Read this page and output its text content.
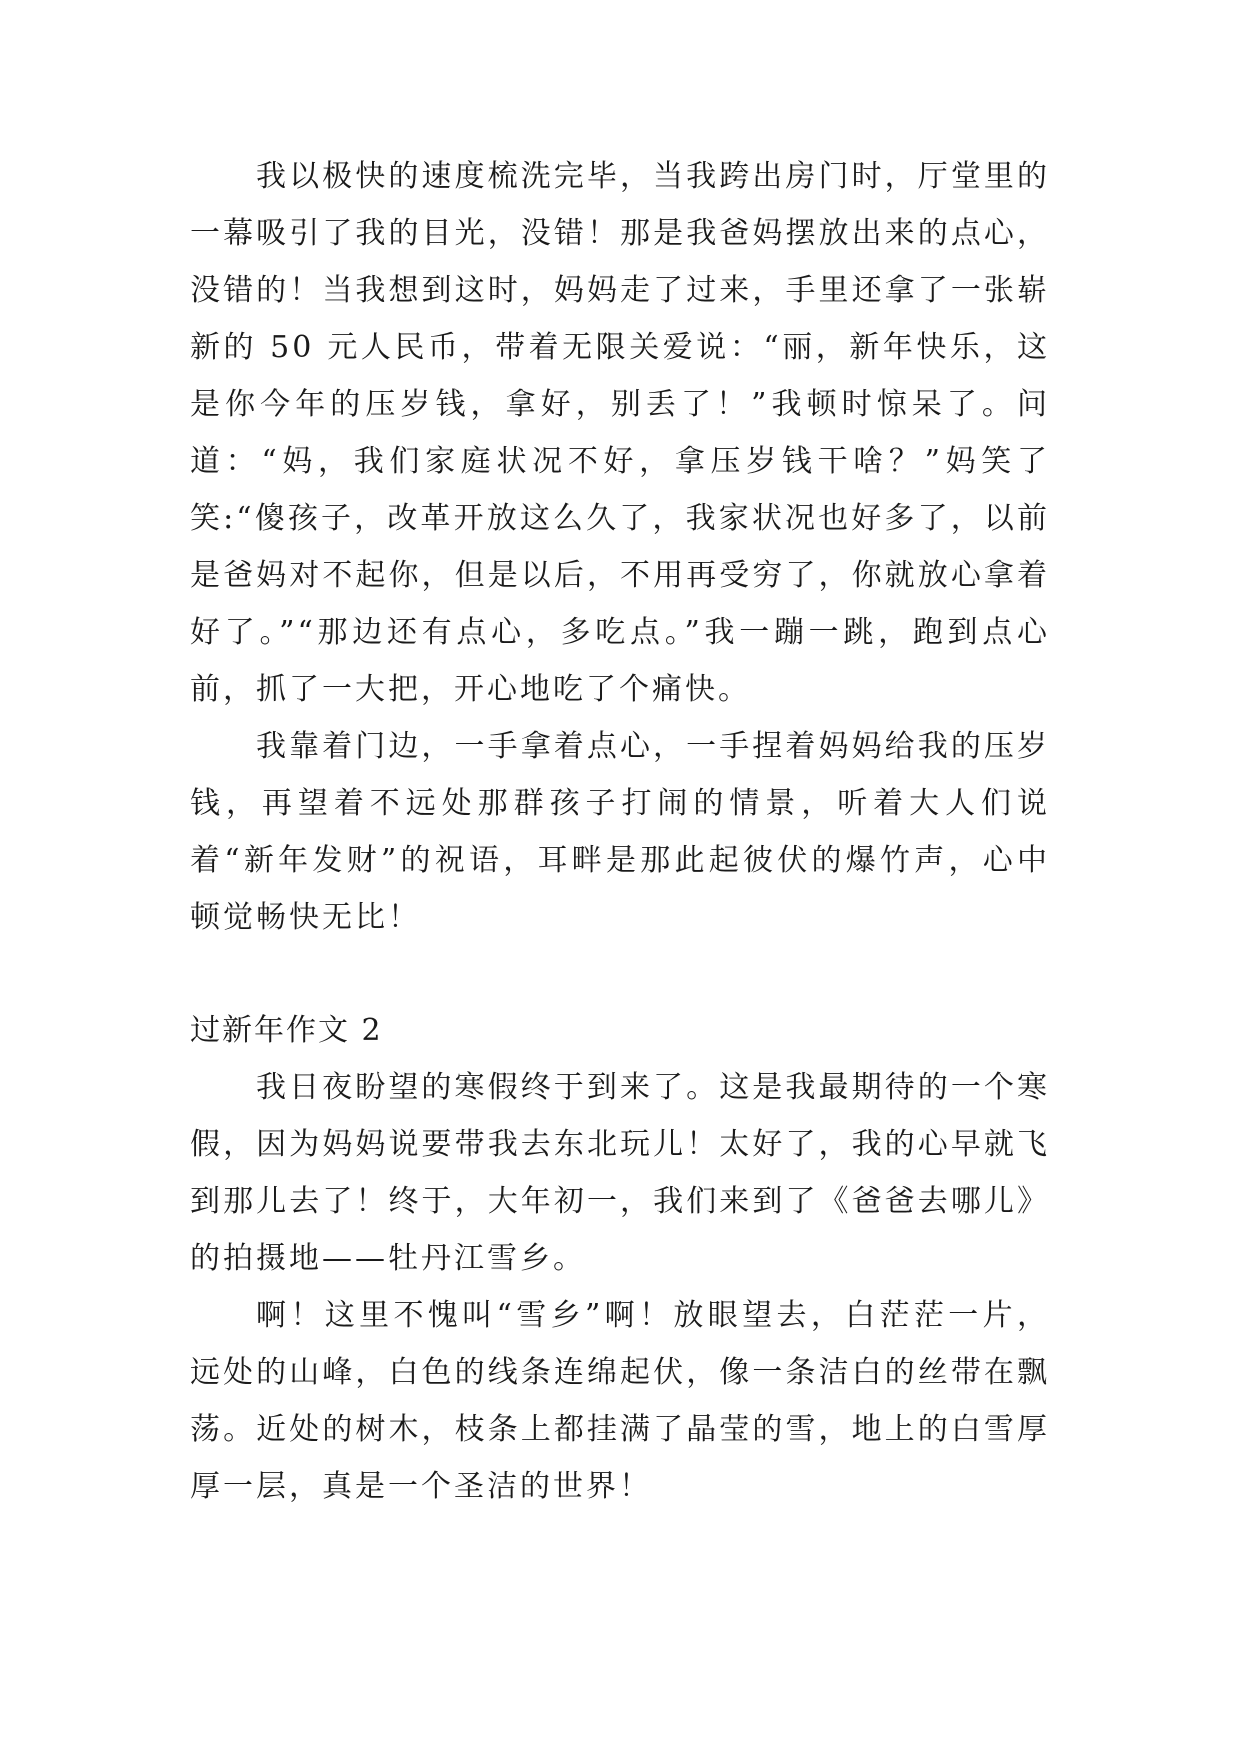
我以极快的速度梳洗完毕，当我跨出房门时，厅堂里的一幕吸引了我的目光，没错！那是我爸妈摆放出来的点心，没错的！当我想到这时，妈妈走了过来，手里还拿了一张崭新的 50 元人民币，带着无限关爱说：“丽，新年快乐，这是你今年的压岁钱，拿好，别丢了！”我顿时惊呆了。问道：“妈，我们家庭状况不好，拿压岁钱干啥？”妈笑了笑:“傻孩子，改革开放这么久了，我家状况也好多了，以前是爸妈对不起你，但是以后，不用再受穷了，你就放心拿着好了。”“那边还有点心，多吃点。”我一蹦一跳，跑到点心前，抓了一大把，开心地吃了个痛快。

我靠着门边，一手拿着点心，一手捏着妈妈给我的压岁钱，再望着不远处那群孩子打闹的情景，听着大人们说着“新年发财”的祝语，耳畔是那此起彼伏的爆竹声，心中顿觉畅快无比！

过新年作文 2

我日夜盼望的寒假终于到来了。这是我最期待的一个寒假，因为妈妈说要带我去东北玩儿！太好了，我的心早就飞到那儿去了！终于，大年初一，我们来到了《爸爸去哪儿》的拍摄地——牡丹江雪乡。

啊！这里不愧叫“雪乡”啊！放眼望去，白茫茫一片，远处的山峰，白色的线条连绵起伏，像一条洁白的丝带在飘荡。近处的树木，枝条上都挂满了晶莹的雪，地上的白雪厚厚一层，真是一个圣洁的世界！
